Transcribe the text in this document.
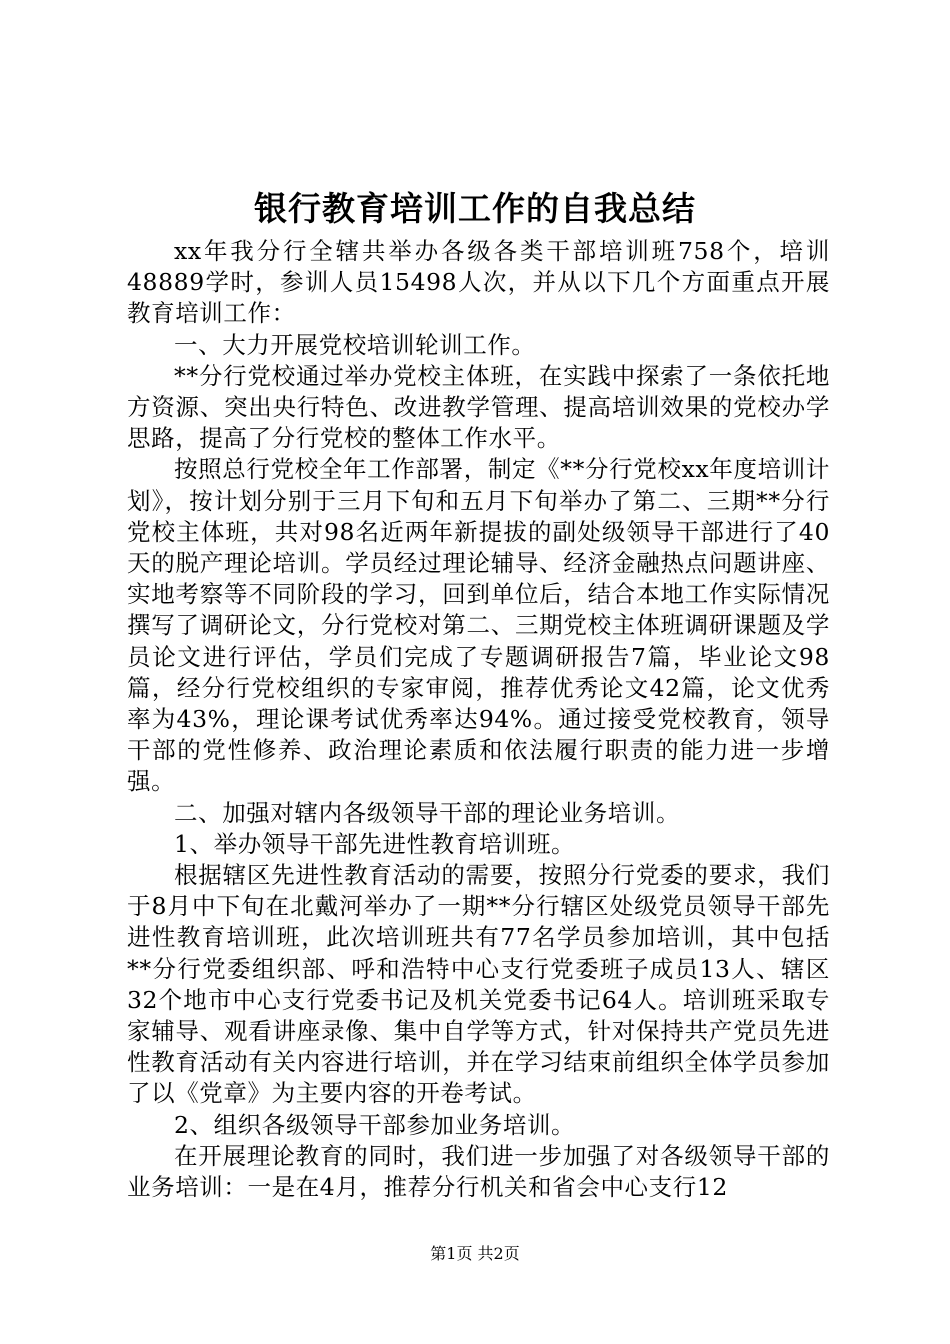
银行教育培训工作的自我总结

xx年我分行全辖共举办各级各类干部培训班758个，培训48889学时，参训人员15498人次，并从以下几个方面重点开展教育培训工作：

一、大力开展党校培训轮训工作。

**分行党校通过举办党校主体班，在实践中探索了一条依托地方资源、突出央行特色、改进教学管理、提高培训效果的党校办学思路，提高了分行党校的整体工作水平。

按照总行党校全年工作部署，制定《**分行党校xx年度培训计划》，按计划分别于三月下旬和五月下旬举办了第二、三期**分行党校主体班，共对98名近两年新提拔的副处级领导干部进行了40天的脱产理论培训。学员经过理论辅导、经济金融热点问题讲座、实地考察等不同阶段的学习，回到单位后，结合本地工作实际情况撰写了调研论文，分行党校对第二、三期党校主体班调研课题及学员论文进行评估，学员们完成了专题调研报告7篇，毕业论文98篇，经分行党校组织的专家审阅，推荐优秀论文42篇，论文优秀率为43%，理论课考试优秀率达94%。通过接受党校教育，领导干部的党性修养、政治理论素质和依法履行职责的能力进一步增强。

二、加强对辖内各级领导干部的理论业务培训。

1、举办领导干部先进性教育培训班。

根据辖区先进性教育活动的需要，按照分行党委的要求，我们于8月中下旬在北戴河举办了一期**分行辖区处级党员领导干部先进性教育培训班，此次培训班共有77名学员参加培训，其中包括**分行党委组织部、呼和浩特中心支行党委班子成员13人、辖区32个地市中心支行党委书记及机关党委书记64人。培训班采取专家辅导、观看讲座录像、集中自学等方式，针对保持共产党员先进性教育活动有关内容进行培训，并在学习结束前组织全体学员参加了以《党章》为主要内容的开卷考试。

2、组织各级领导干部参加业务培训。

在开展理论教育的同时，我们进一步加强了对各级领导干部的业务培训：一是在4月，推荐分行机关和省会中心支行12

第1页 共2页
